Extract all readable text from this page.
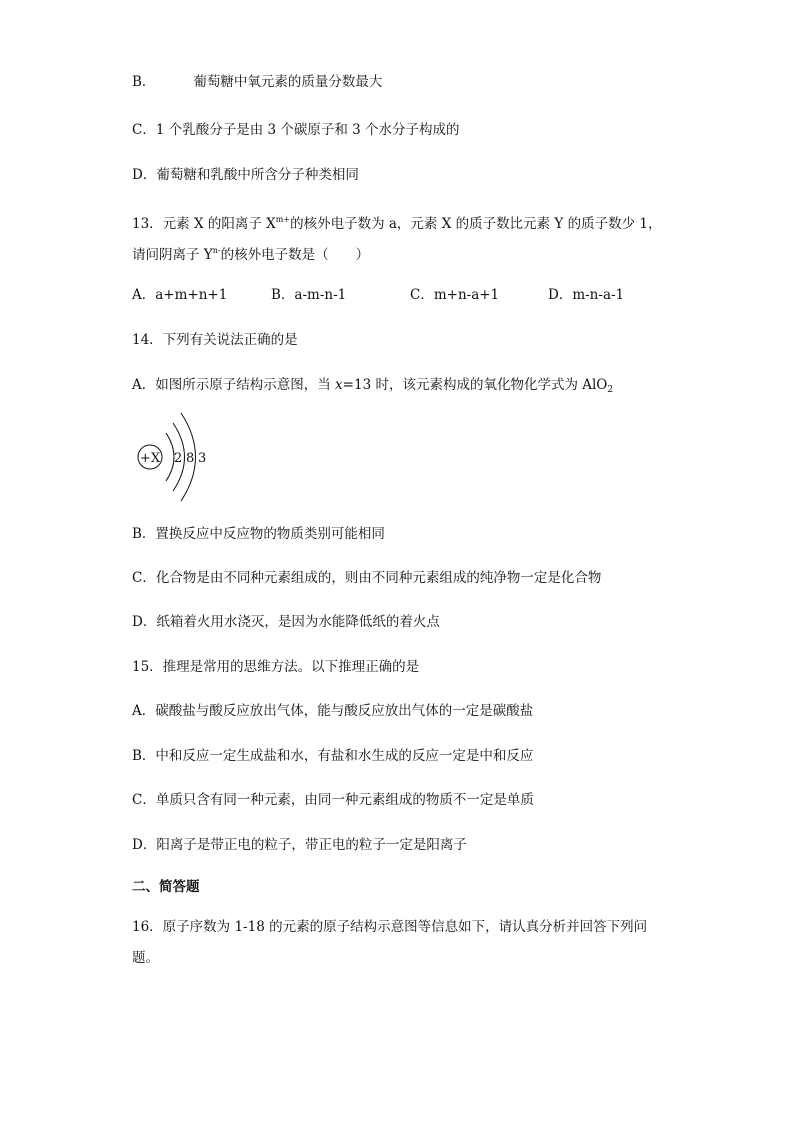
B．	葡萄糖中氧元素的质量分数最大
C．1 个乳酸分子是由 3 个碳原子和 3 个水分子构成的
D．葡萄糖和乳酸中所含分子种类相同
13．元素 X 的阳离子 $X^{m+}$的核外电子数为 a，元素 X 的质子数比元素 Y 的质子数少 1，
请问阴离子 $Y^{n-}$的核外电子数是（　　）
A．a+m+n+1	B．a-m-n-1	C．m+n-a+1	D．m-n-a-1
14．下列有关说法正确的是
A．如图所示原子结构示意图，当 x=13 时，该元素构成的氧化物化学式为 AlO$_2$
+X 2 8 3
B．置换反应中反应物的物质类别可能相同
C．化合物是由不同种元素组成的，则由不同种元素组成的纯净物一定是化合物
D．纸箱着火用水浇灭，是因为水能降低纸的着火点
15．推理是常用的思维方法。以下推理正确的是
A．碳酸盐与酸反应放出气体，能与酸反应放出气体的一定是碳酸盐
B．中和反应一定生成盐和水，有盐和水生成的反应一定是中和反应
C．单质只含有同一种元素，由同一种元素组成的物质不一定是单质
D．阳离子是带正电的粒子，带正电的粒子一定是阳离子
二、简答题
16．原子序数为 1-18 的元素的原子结构示意图等信息如下，请认真分析并回答下列问
题。
